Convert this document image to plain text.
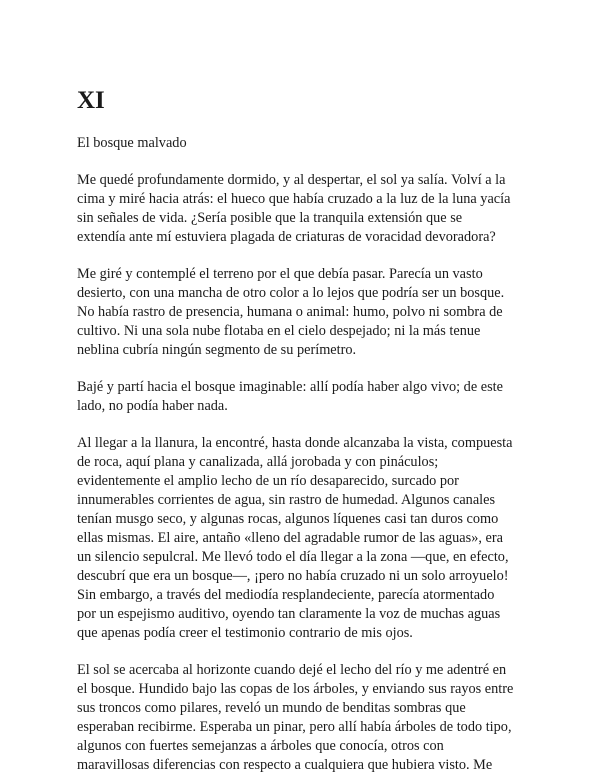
XI
El bosque malvado

Me quedé profundamente dormido, y al despertar, el sol ya salía. Volví a la
cima y miré hacia atrás: el hueco que había cruzado a la luz de la luna yacía
sin señales de vida. ¿Sería posible que la tranquila extensión que se
extendía ante mí estuviera plagada de criaturas de voracidad devoradora?

Me giré y contemplé el terreno por el que debía pasar. Parecía un vasto
desierto, con una mancha de otro color a lo lejos que podría ser un bosque.
No había rastro de presencia, humana o animal: humo, polvo ni sombra de
cultivo. Ni una sola nube flotaba en el cielo despejado; ni la más tenue
neblina cubría ningún segmento de su perímetro.

Bajé y partí hacia el bosque imaginable: allí podía haber algo vivo; de este
lado, no podía haber nada.

Al llegar a la llanura, la encontré, hasta donde alcanzaba la vista, compuesta
de roca, aquí plana y canalizada, allá jorobada y con pináculos;
evidentemente el amplio lecho de un río desaparecido, surcado por
innumerables corrientes de agua, sin rastro de humedad. Algunos canales
tenían musgo seco, y algunas rocas, algunos líquenes casi tan duros como
ellas mismas. El aire, antaño «lleno del agradable rumor de las aguas», era
un silencio sepulcral. Me llevó todo el día llegar a la zona —que, en efecto,
descubrí que era un bosque—, ¡pero no había cruzado ni un solo arroyuelo!
Sin embargo, a través del mediodía resplandeciente, parecía atormentado
por un espejismo auditivo, oyendo tan claramente la voz de muchas aguas
que apenas podía creer el testimonio contrario de mis ojos.

El sol se acercaba al horizonte cuando dejé el lecho del río y me adentré en
el bosque. Hundido bajo las copas de los árboles, y enviando sus rayos entre
sus troncos como pilares, reveló un mundo de benditas sombras que
esperaban recibirme. Esperaba un pinar, pero allí había árboles de todo tipo,
algunos con fuertes semejanzas a árboles que conocía, otros con
maravillosas diferencias con respecto a cualquiera que hubiera visto. Me
